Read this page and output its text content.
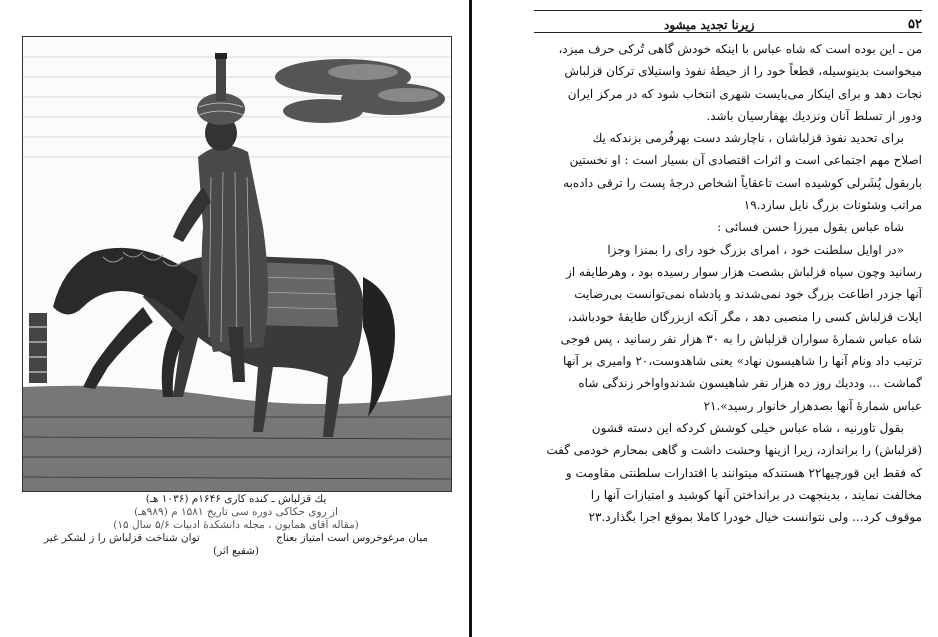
یك قزلباش ـ کنده کاری ۱۶۴۶م (۱۰۳۶ هـ)
از روی حکاکی دوره سی تاریخ ۱۵۸۱ م (۹۸۹هـ)
(مقاله آقای همایون ، مجله دانشکدهٔ ادبیات ۵/۶ سال ۱۵)
میان مرغوخروس است امتیاز بعناج
توان شناخت قزلباش را ز لشکر غیر
(شفیع اثر)
۵۲
زیرنا تجدید میشود
من ـ این بوده است که شاه عباس با اینکه خودش گاهی تُرکی حرف میزد،
میخواست بدینوسیله، قطعاً خود را از حیطهٔ نفوذ واستیلای ترکان قزلباش
نجات دهد و برای اینکار می‌بایست شهری انتخاب شود که در مرکز ایران
ودور از تسلط آنان ونزدیك بهفارسیان باشد.
برای تحدید نفوذ قزلباشان ، ناچارشد دست بهرفُرمی بزندکه یك
اصلاح مهم اجتماعی است و اثرات اقتصادی آن بسیار است : او نخستین
باربقول پُشَرلی کوشیده است تاعقایاً اشخاص درجهٔ پست را ترقی داده‌به
مراتب وشئونات بزرگ نایل سازد.۱۹
شاه عباس بقول میرزا حسن فسائی :
«در اوایل سلطنت خود ، امرای بزرگ خود رای را بمنزا وجزا
رسانید وچون سپاه قزلباش بشصت هزار سوار رسیده بود ، وهرطایفه از
آنها جزدر اطاعت بزرگ خود نمی‌شدند و پادشاه نمی‌توانست بی‌رضایت
ایلات قزلباش کسی را منصبی دهد ، مگر آنکه ازبزرگان طایفهٔ خودباشد،
شاه عباس شمارهٔ سواران قزلباش را به ۳۰ هزار نفر رسانید ، پس فوجی
ترتیب داد ونام آنها را شاهیسون نهاد» یعنی شاهدوست،۲۰ وامیری بر آنها
گماشت ... وددیك روز ده هزار نفر شاهیسون شدندواواخر زندگی شاه
عباس شمارهٔ آنها بصدهزار خانوار رسید».۲۱
بقول تاورنیه ، شاه عباس خیلی کوشش کردکه این دسته قشون
(قزلباش) را براندازد، زیرا ازینها وحشت داشت و گاهی بمحارم خودمی گفت
که فقط این قورچیها۲۲ هستندکه میتوانند با اقتدارات سلطنتی مقاومت و
مخالفت نمایند ، بدینجهت در برانداختن آنها کوشید و امتیازات آنها را
موقوف کرد... ولی نتوانست خیال خودرا کاملا بموقع اجرا بگذارد.۲۳
